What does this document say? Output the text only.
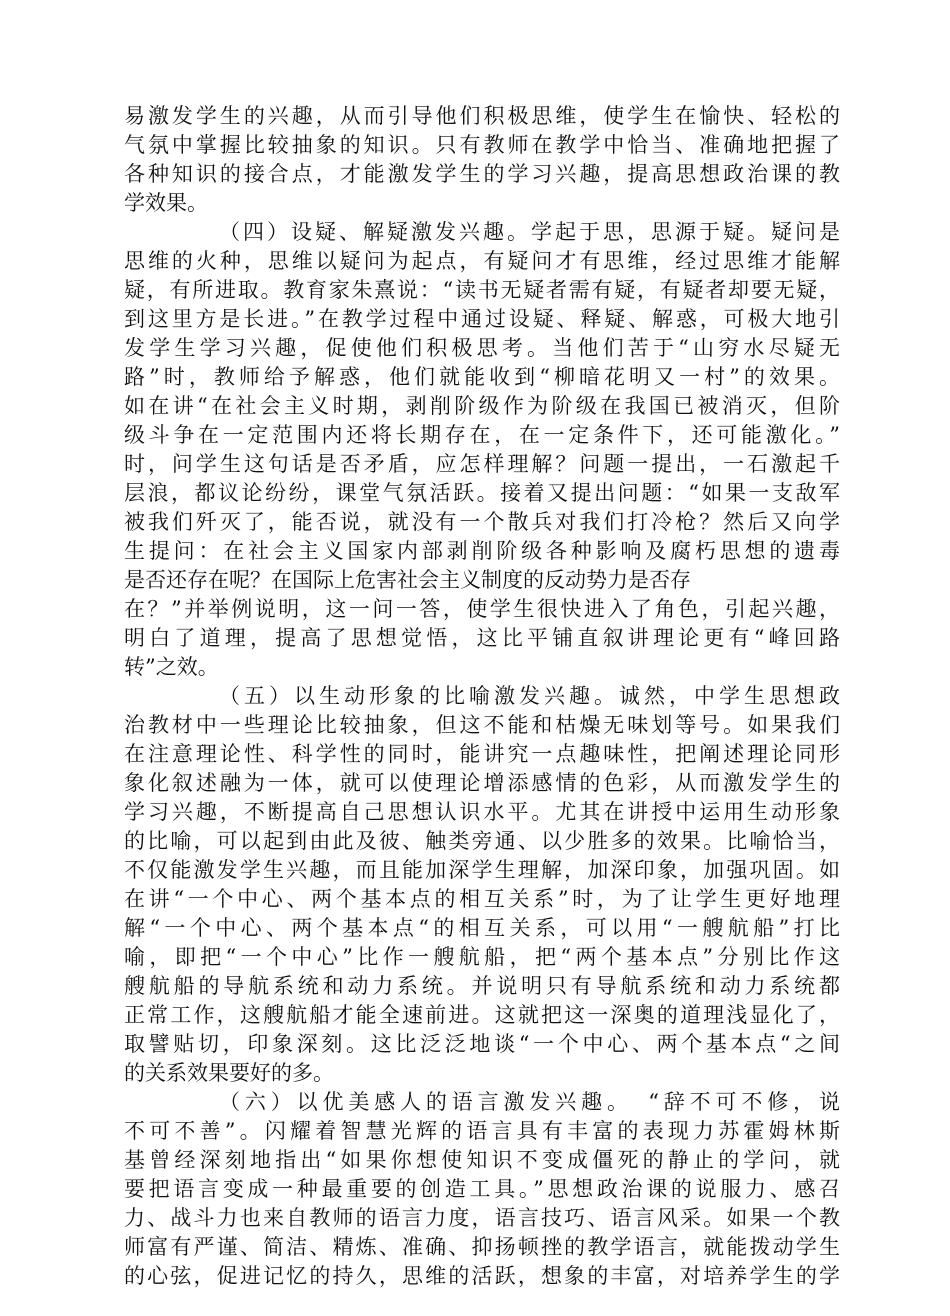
易激发学生的兴趣，从而引导他们积极思维，使学生在愉快、轻松的
气氛中掌握比较抽象的知识。只有教师在教学中恰当、准确地把握了
各种知识的接合点，才能激发学生的学习兴趣，提高思想政治课的教
学效果。
（四）设疑、解疑激发兴趣。学起于思，思源于疑。疑问是
思维的火种，思维以疑问为起点，有疑问才有思维，经过思维才能解
疑，有所进取。教育家朱熹说：“读书无疑者需有疑，有疑者却要无疑，
到这里方是长进。”在教学过程中通过设疑、释疑、解惑，可极大地引
发学生学习兴趣，促使他们积极思考。当他们苦于“山穷水尽疑无
路”时，教师给予解惑，他们就能收到“柳暗花明又一村”的效果。
如在讲“在社会主义时期，剥削阶级作为阶级在我国已被消灭，但阶
级斗争在一定范围内还将长期存在，在一定条件下，还可能激化。”
时，问学生这句话是否矛盾，应怎样理解？问题一提出，一石激起千
层浪，都议论纷纷，课堂气氛活跃。接着又提出问题：“如果一支敌军
被我们歼灭了，能否说，就没有一个散兵对我们打冷枪？然后又向学
生提问：在社会主义国家内部剥削阶级各种影响及腐朽思想的遗毒
是否还存在呢？在国际上危害社会主义制度的反动势力是否存
在？”并举例说明，这一问一答，使学生很快进入了角色，引起兴趣，
明白了道理，提高了思想觉悟，这比平铺直叙讲理论更有“峰回路
转”之效。
（五）以生动形象的比喻激发兴趣。诚然，中学生思想政
治教材中一些理论比较抽象，但这不能和枯燥无味划等号。如果我们
在注意理论性、科学性的同时，能讲究一点趣味性，把阐述理论同形
象化叙述融为一体，就可以使理论增添感情的色彩，从而激发学生的
学习兴趣，不断提高自己思想认识水平。尤其在讲授中运用生动形象
的比喻，可以起到由此及彼、触类旁通、以少胜多的效果。比喻恰当，
不仅能激发学生兴趣，而且能加深学生理解，加深印象，加强巩固。如
在讲“一个中心、两个基本点的相互关系”时，为了让学生更好地理
解“一个中心、两个基本点“的相互关系，可以用“一艘航船”打比
喻，即把“一个中心”比作一艘航船，把“两个基本点”分别比作这
艘航船的导航系统和动力系统。并说明只有导航系统和动力系统都
正常工作，这艘航船才能全速前进。这就把这一深奥的道理浅显化了，
取譬贴切，印象深刻。这比泛泛地谈“一个中心、两个基本点“之间
的关系效果要好的多。
（六）以优美感人的语言激发兴趣。　“辞不可不修，说
不可不善”。闪耀着智慧光辉的语言具有丰富的表现力苏霍姆林斯
基曾经深刻地指出“如果你想使知识不变成僵死的静止的学问，就
要把语言变成一种最重要的创造工具。”思想政治课的说服力、感召
力、战斗力也来自教师的语言力度，语言技巧、语言风采。如果一个教
师富有严谨、简洁、精炼、准确、抑扬顿挫的教学语言，就能拨动学生
的心弦，促进记忆的持久，思维的活跃，想象的丰富，对培养学生的学
